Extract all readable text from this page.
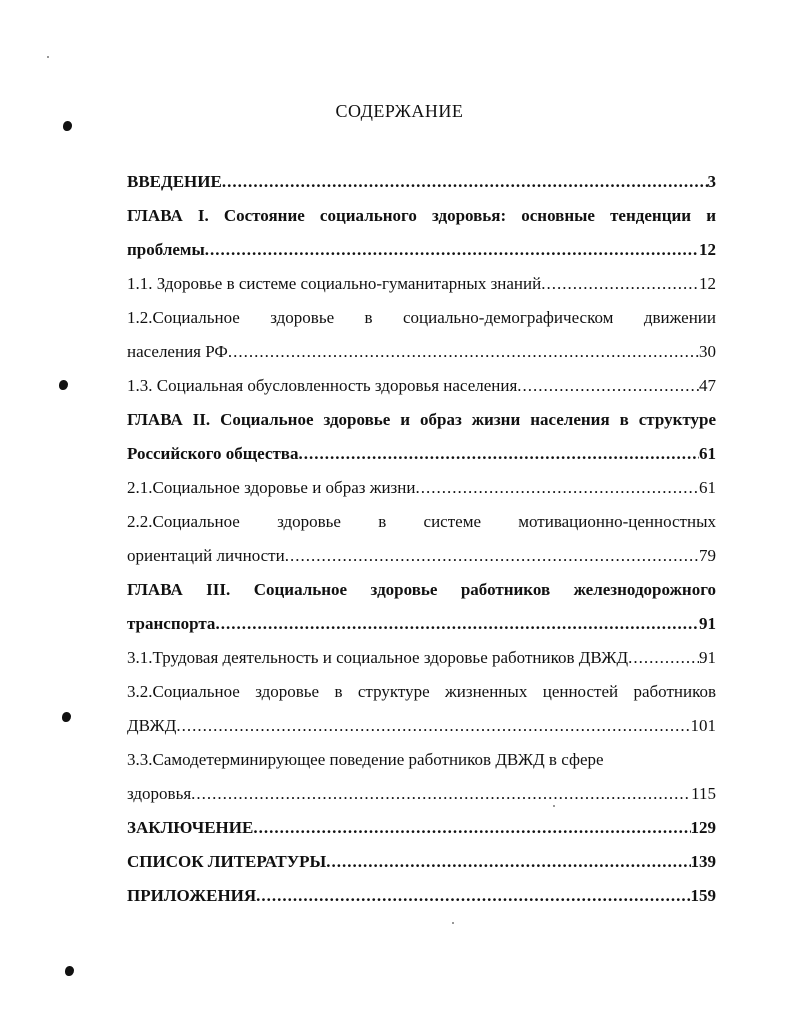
СОДЕРЖАНИЕ
ВВЕДЕНИЕ .....	3
ГЛАВА I. Состояние социального здоровья: основные тенденции и
проблемы .....	12
1.1. Здоровье в системе социально-гуманитарных знаний .....	12
1.2.Социальное здоровье в социально-демографическом движении
населения РФ .....	30
1.3. Социальная обусловленность здоровья населения .....	47
ГЛАВА II. Социальное здоровье и образ жизни населения в структуре
Российского общества .....	61
2.1.Социальное здоровье и образ жизни .....	61
2.2.Социальное здоровье в системе мотивационно-ценностных
ориентаций личности .....	79
ГЛАВА III. Социальное здоровье работников железнодорожного
транспорта .....	91
3.1.Трудовая деятельность и социальное здоровье работников ДВЖД .....	91
3.2.Социальное здоровье в структуре жизненных ценностей работников
ДВЖД .....	101
3.3.Самодетерминирующее поведение работников ДВЖД в сфере
здоровья .....	115
ЗАКЛЮЧЕНИЕ .....	129
СПИСОК ЛИТЕРАТУРЫ .....	139
ПРИЛОЖЕНИЯ .....	159
